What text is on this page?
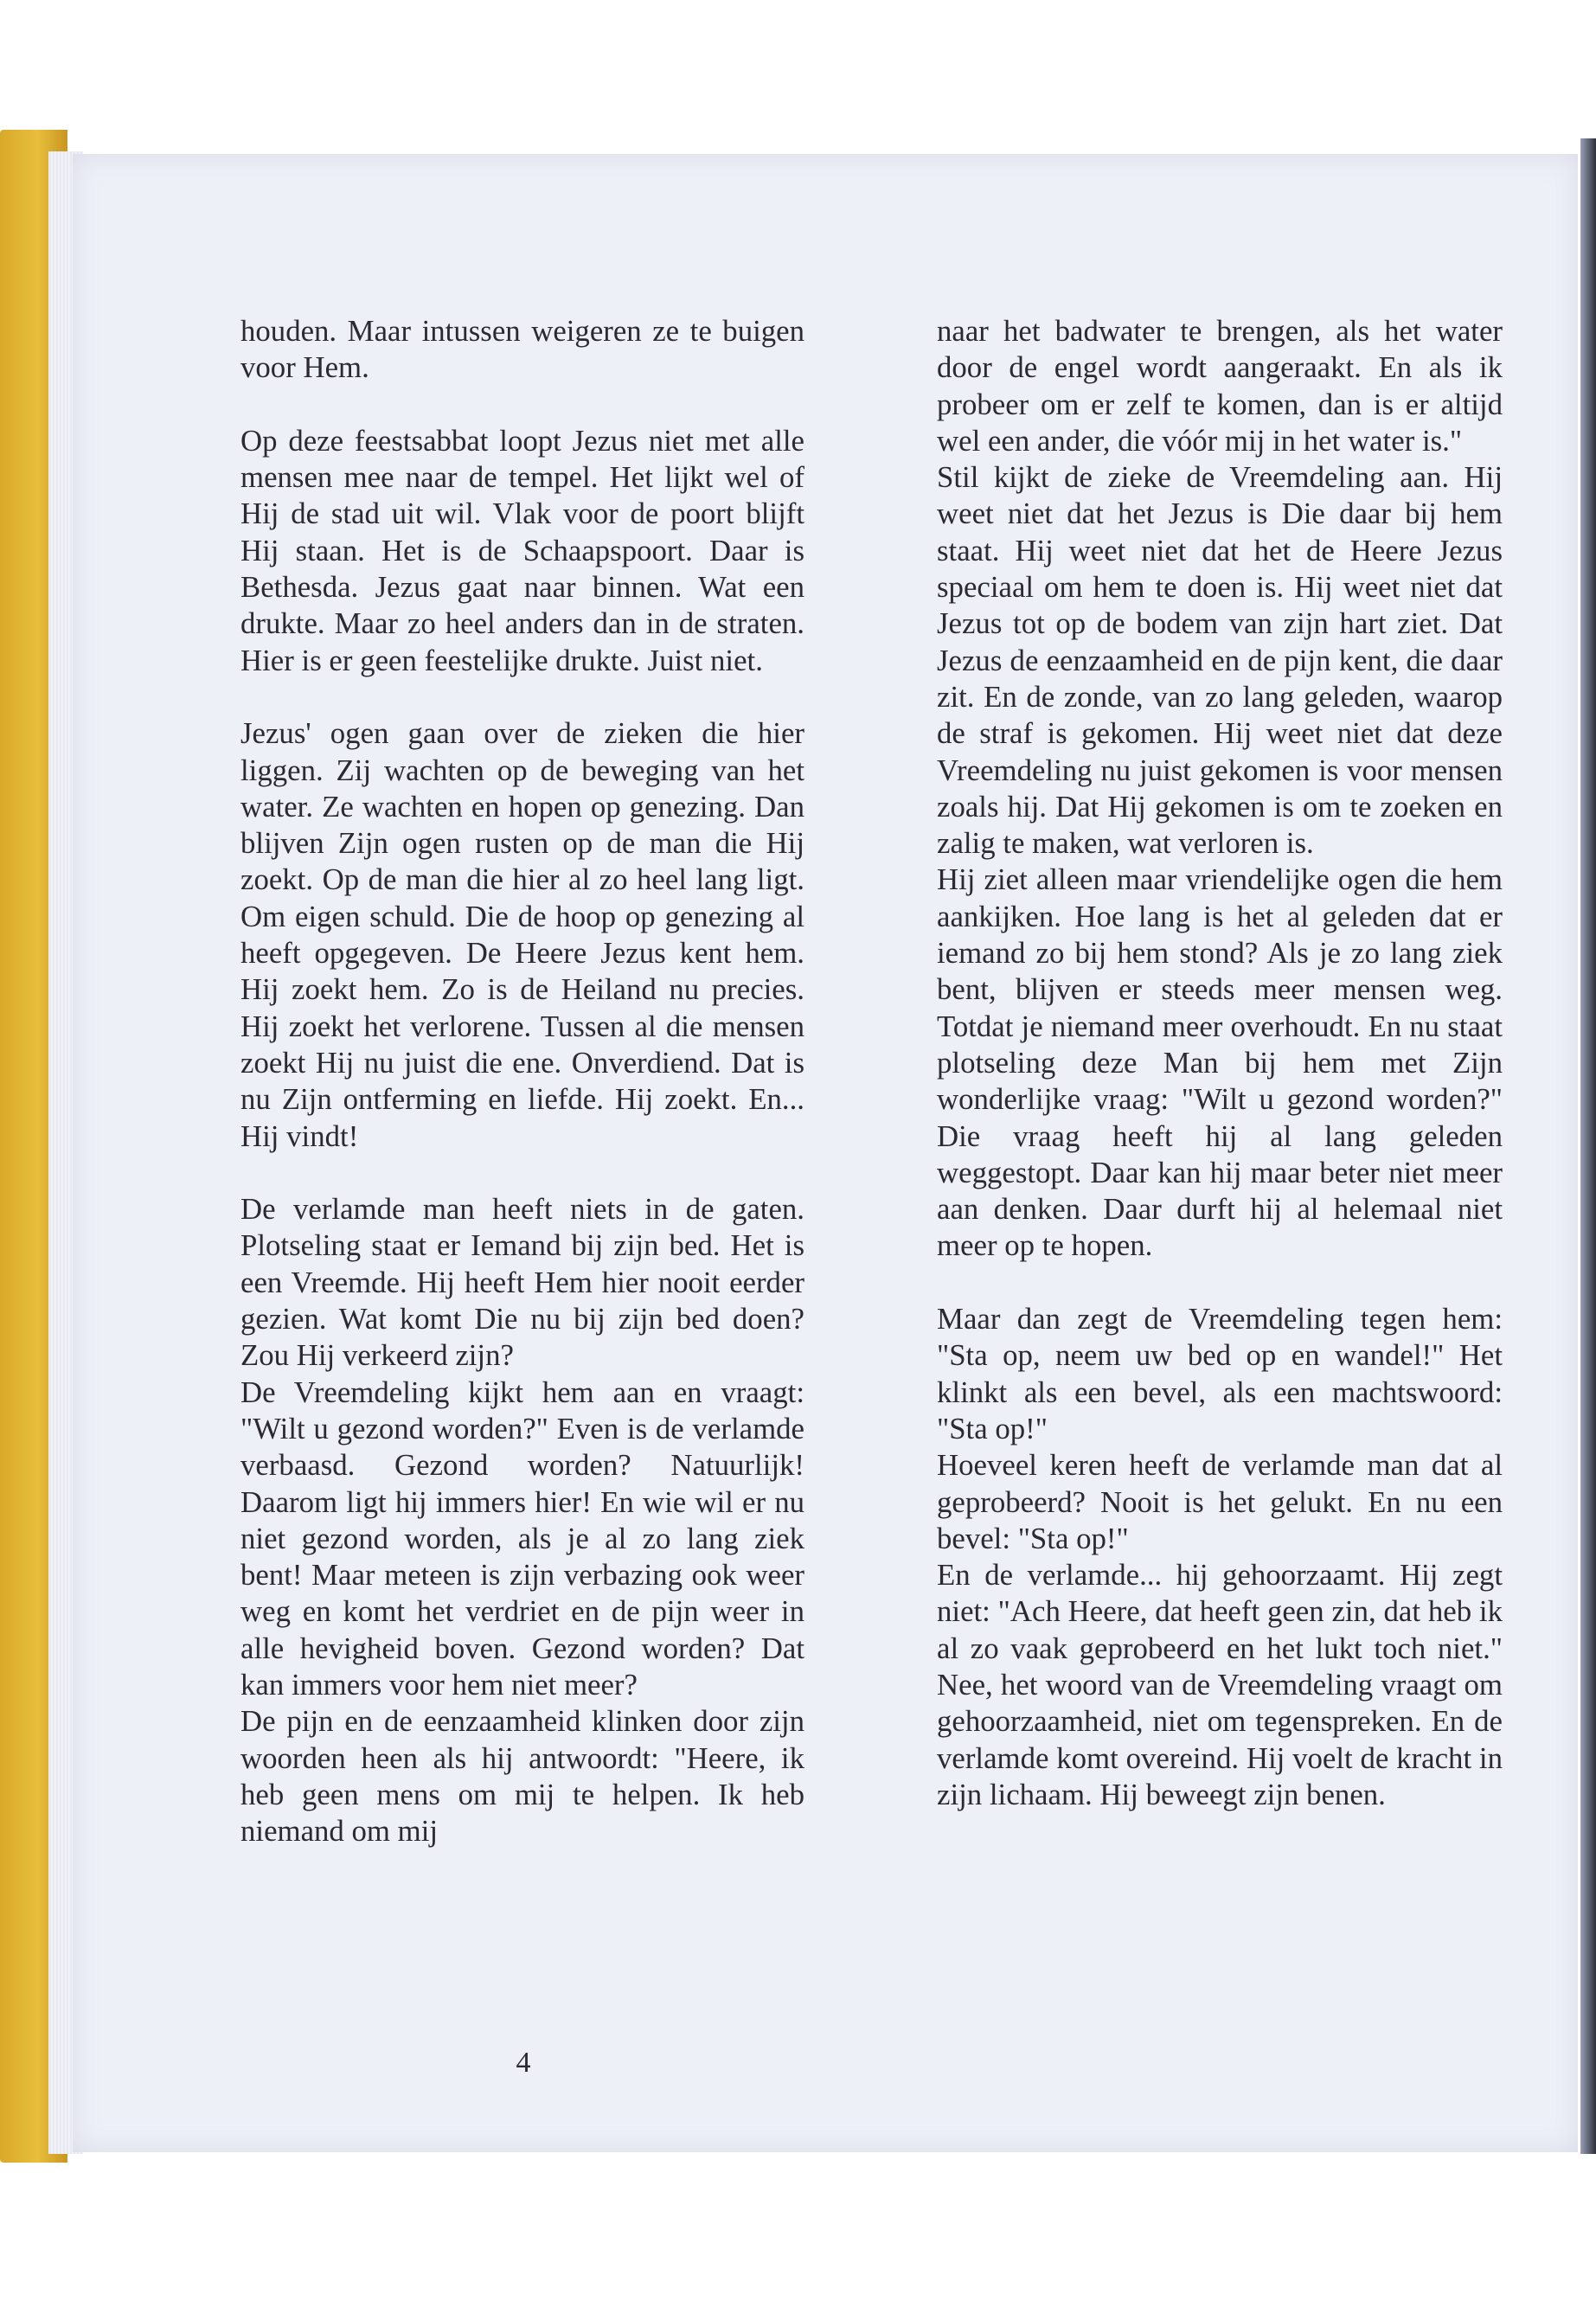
houden. Maar intussen weigeren ze te buigen voor Hem.

Op deze feestsabbat loopt Jezus niet met alle mensen mee naar de tempel. Het lijkt wel of Hij de stad uit wil. Vlak voor de poort blijft Hij staan. Het is de Schaapspoort. Daar is Bethesda. Jezus gaat naar binnen. Wat een drukte. Maar zo heel anders dan in de straten. Hier is er geen feestelijke drukte. Juist niet.

Jezus' ogen gaan over de zieken die hier liggen. Zij wachten op de beweging van het water. Ze wachten en hopen op genezing. Dan blijven Zijn ogen rusten op de man die Hij zoekt. Op de man die hier al zo heel lang ligt. Om eigen schuld. Die de hoop op genezing al heeft opgegeven. De Heere Jezus kent hem. Hij zoekt hem. Zo is de Heiland nu precies. Hij zoekt het verlorene. Tussen al die mensen zoekt Hij nu juist die ene. Onverdiend. Dat is nu Zijn ontferming en liefde. Hij zoekt. En... Hij vindt!

De verlamde man heeft niets in de gaten. Plotseling staat er Iemand bij zijn bed. Het is een Vreemde. Hij heeft Hem hier nooit eerder gezien. Wat komt Die nu bij zijn bed doen? Zou Hij verkeerd zijn?

De Vreemdeling kijkt hem aan en vraagt: "Wilt u gezond worden?" Even is de verlamde verbaasd. Gezond worden? Natuurlijk! Daarom ligt hij immers hier! En wie wil er nu niet gezond worden, als je al zo lang ziek bent! Maar meteen is zijn verbazing ook weer weg en komt het verdriet en de pijn weer in alle hevigheid boven. Gezond worden? Dat kan immers voor hem niet meer?

De pijn en de eenzaamheid klinken door zijn woorden heen als hij antwoordt: "Heere, ik heb geen mens om mij te helpen. Ik heb niemand om mij

naar het badwater te brengen, als het water door de engel wordt aangeraakt. En als ik probeer om er zelf te komen, dan is er altijd wel een ander, die vóór mij in het water is."

Stil kijkt de zieke de Vreemdeling aan. Hij weet niet dat het Jezus is Die daar bij hem staat. Hij weet niet dat het de Heere Jezus speciaal om hem te doen is. Hij weet niet dat Jezus tot op de bodem van zijn hart ziet. Dat Jezus de eenzaamheid en de pijn kent, die daar zit. En de zonde, van zo lang geleden, waarop de straf is gekomen. Hij weet niet dat deze Vreemdeling nu juist gekomen is voor mensen zoals hij. Dat Hij gekomen is om te zoeken en zalig te maken, wat verloren is.

Hij ziet alleen maar vriendelijke ogen die hem aankijken. Hoe lang is het al geleden dat er iemand zo bij hem stond? Als je zo lang ziek bent, blijven er steeds meer mensen weg. Totdat je niemand meer overhoudt. En nu staat plotseling deze Man bij hem met Zijn wonderlijke vraag: "Wilt u gezond worden?" Die vraag heeft hij al lang geleden weggestopt. Daar kan hij maar beter niet meer aan denken. Daar durft hij al helemaal niet meer op te hopen.

Maar dan zegt de Vreemdeling tegen hem: "Sta op, neem uw bed op en wandel!" Het klinkt als een bevel, als een machtswoord: "Sta op!"

Hoeveel keren heeft de verlamde man dat al geprobeerd? Nooit is het gelukt. En nu een bevel: "Sta op!"

En de verlamde... hij gehoorzaamt. Hij zegt niet: "Ach Heere, dat heeft geen zin, dat heb ik al zo vaak geprobeerd en het lukt toch niet." Nee, het woord van de Vreemdeling vraagt om gehoorzaamheid, niet om tegenspreken. En de verlamde komt overeind. Hij voelt de kracht in zijn lichaam. Hij beweegt zijn benen.

4
